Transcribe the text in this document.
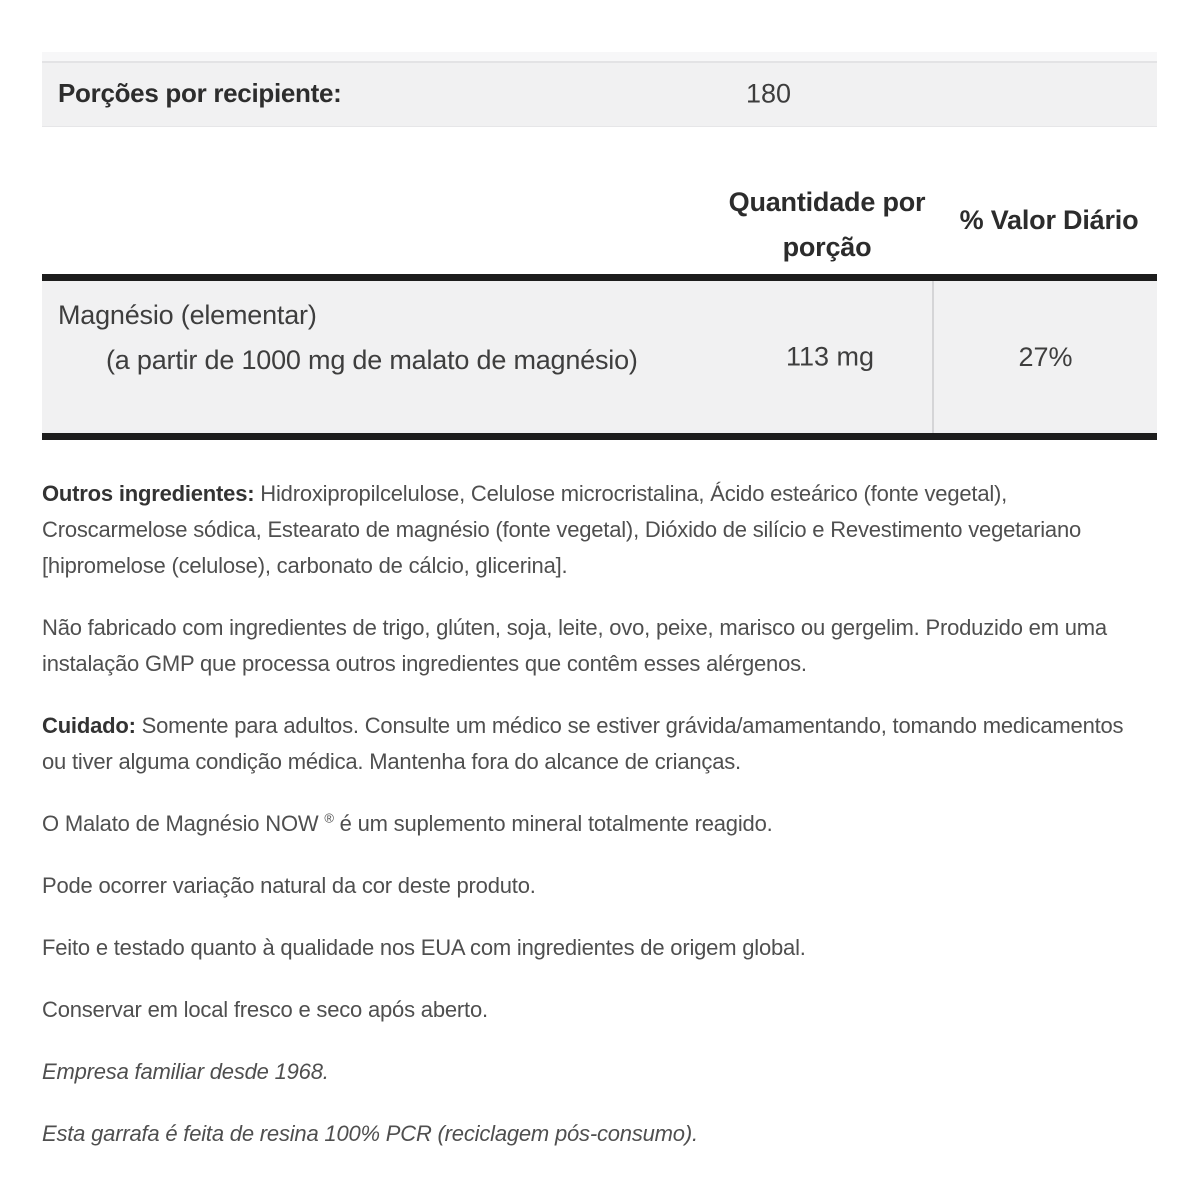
Porções por recipiente:	180
Quantidade por porção
% Valor Diário
Magnésio (elementar)
(a partir de 1000 mg de malato de magnésio)	27%
113 mg

Outros ingredientes: Hidroxipropilcelulose, Celulose microcristalina, Ácido esteárico (fonte vegetal), Croscarmelose sódica, Estearato de magnésio (fonte vegetal), Dióxido de silício e Revestimento vegetariano [hipromelose (celulose), carbonato de cálcio, glicerina].

Não fabricado com ingredientes de trigo, glúten, soja, leite, ovo, peixe, marisco ou gergelim. Produzido em uma instalação GMP que processa outros ingredientes que contêm esses alérgenos.

Cuidado: Somente para adultos. Consulte um médico se estiver grávida/amamentando, tomando medicamentos ou tiver alguma condição médica. Mantenha fora do alcance de crianças.

O Malato de Magnésio NOW ® é um suplemento mineral totalmente reagido.

Pode ocorrer variação natural da cor deste produto.

Feito e testado quanto à qualidade nos EUA com ingredientes de origem global.

Conservar em local fresco e seco após aberto.

Empresa familiar desde 1968.

Esta garrafa é feita de resina 100% PCR (reciclagem pós-consumo).
